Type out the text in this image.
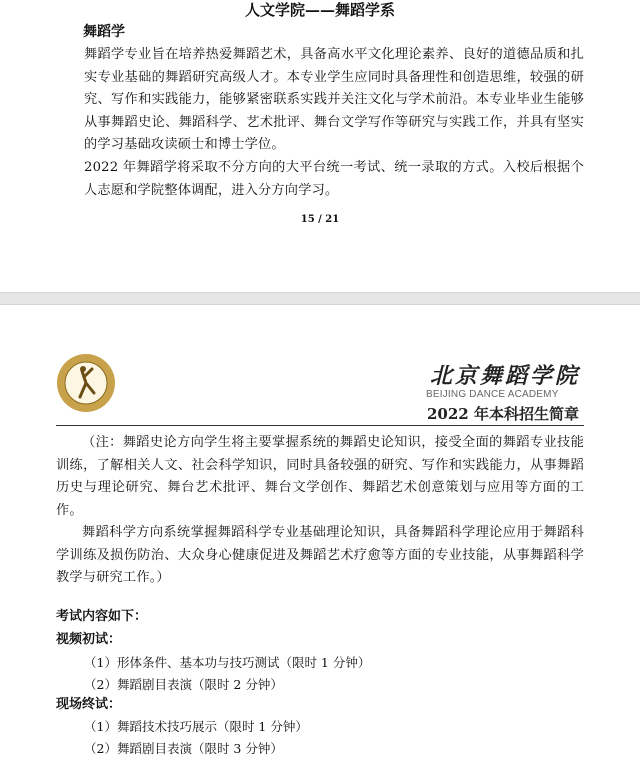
人文学院——舞蹈学系
舞蹈学
舞蹈学专业旨在培养热爱舞蹈艺术，具备高水平文化理论素养、良好的道德品质和扎实专业基础的舞蹈研究高级人才。本专业学生应同时具备理性和创造思维，较强的研究、写作和实践能力，能够紧密联系实践并关注文化与学术前沿。本专业毕业生能够从事舞蹈史论、舞蹈科学、艺术批评、舞台文学写作等研究与实践工作，并具有坚实的学习基础攻读硕士和博士学位。
2022 年舞蹈学将采取不分方向的大平台统一考试、统一录取的方式。入校后根据个人志愿和学院整体调配，进入分方向学习。
15 / 21
北京舞蹈学院
BEIJING DANCE ACADEMY
2022 年本科招生简章
（注：舞蹈史论方向学生将主要掌握系统的舞蹈史论知识，接受全面的舞蹈专业技能训练，了解相关人文、社会科学知识，同时具备较强的研究、写作和实践能力，从事舞蹈历史与理论研究、舞台艺术批评、舞台文学创作、舞蹈艺术创意策划与应用等方面的工作。
舞蹈科学方向系统掌握舞蹈科学专业基础理论知识，具备舞蹈科学理论应用于舞蹈科学训练及损伤防治、大众身心健康促进及舞蹈艺术疗愈等方面的专业技能，从事舞蹈科学教学与研究工作。）
考试内容如下：
视频初试：
（1）形体条件、基本功与技巧测试（限时 1 分钟）
（2）舞蹈剧目表演（限时 2 分钟）
现场终试：
（1）舞蹈技术技巧展示（限时 1 分钟）
（2）舞蹈剧目表演（限时 3 分钟）
